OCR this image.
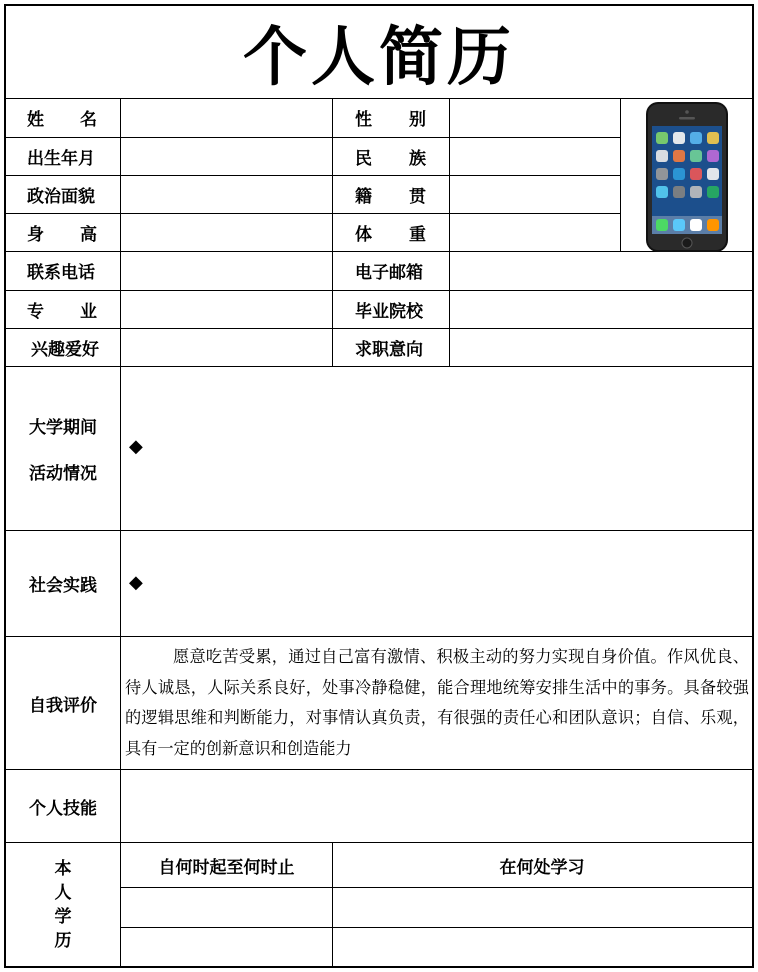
个人简历
姓 名
出生年月
政治面貌
身 高
联系电话
专 业
兴趣爱好
性 别
民 族
籍 贯
体 重
电子邮箱
毕业院校
求职意向
大学期间
活动情况
◆
社会实践	◆
自我评价
愿意吃苦受累，通过自己富有激情、积极主动的努力实现自身价值。作风优良、待人诚恳，人际关系良好，处事冷静稳健，能合理地统筹安排生活中的事务。具备较强的逻辑思维和判断能力，对事情认真负责，有很强的责任心和团队意识；自信、乐观，具有一定的创新意识和创造能力
个人技能
本
人
学
历
自何时起至何时止	在何处学习
